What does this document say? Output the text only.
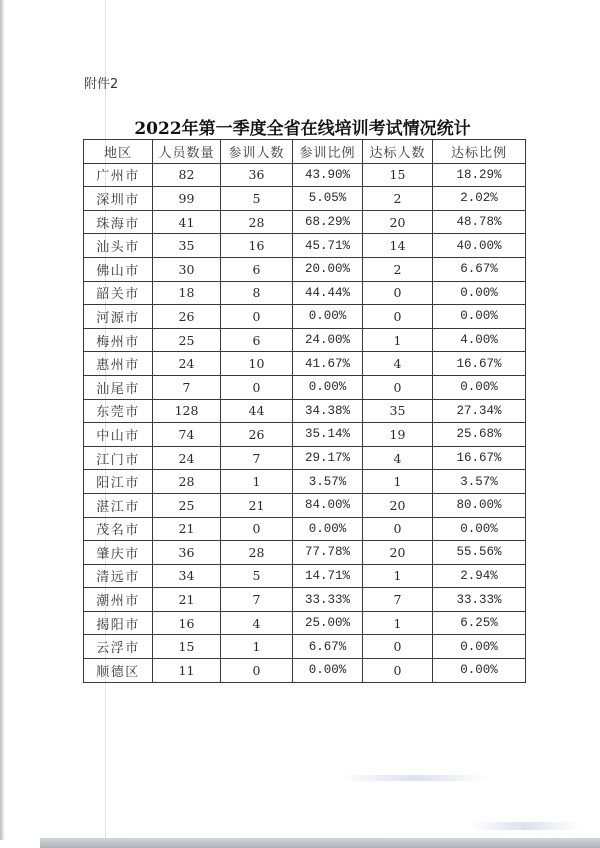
附件2
2022年第一季度全省在线培训考试情况统计
地区	人员数量	参训人数	参训比例	达标人数	达标比例
广州市	82	36	43.90%	15	18.29%
深圳市	99	5	5.05%	2	2.02%
珠海市	41	28	68.29%	20	48.78%
汕头市	35	16	45.71%	14	40.00%
佛山市	30	6	20.00%	2	6.67%
韶关市	18	8	44.44%	0	0.00%
河源市	26	0	0.00%	0	0.00%
梅州市	25	6	24.00%	1	4.00%
惠州市	24	10	41.67%	4	16.67%
汕尾市	7	0	0.00%	0	0.00%
东莞市	128	44	34.38%	35	27.34%
中山市	74	26	35.14%	19	25.68%
江门市	24	7	29.17%	4	16.67%
阳江市	28	1	3.57%	1	3.57%
湛江市	25	21	84.00%	20	80.00%
茂名市	21	0	0.00%	0	0.00%
肇庆市	36	28	77.78%	20	55.56%
清远市	34	5	14.71%	1	2.94%
潮州市	21	7	33.33%	7	33.33%
揭阳市	16	4	25.00%	1	6.25%
云浮市	15	1	6.67%	0	0.00%
顺德区	11	0	0.00%	0	0.00%
